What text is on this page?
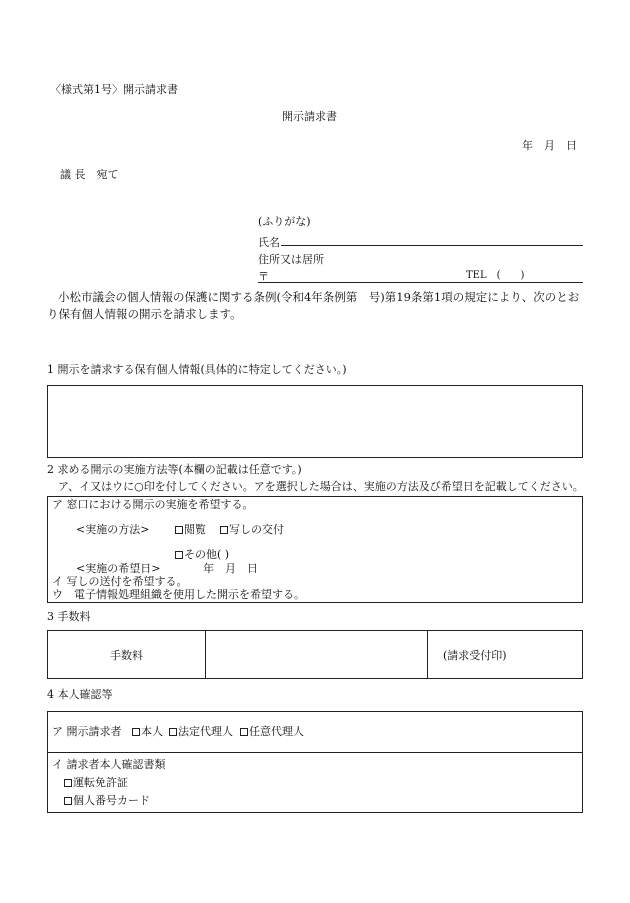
〈様式第1号〉開示請求書
開示請求書
年　月　日
議 長　宛て
(ふりがな)
氏名
住所又は居所
〒	TEL　(　　)
小松市議会の個人情報の保護に関する条例(令和4年条例第　号)第19条第1項の規定により、次のとお
り保有個人情報の開示を請求します。
1 開示を請求する保有個人情報(具体的に特定してください。)
2 求める開示の実施方法等(本欄の記載は任意です。)
ア、イ又はウに○印を付してください。アを選択した場合は、実施の方法及び希望日を記載してください。
ア 窓口における開示の実施を希望する。
<実施の方法>	閲覧	写しの交付
その他( )
<実施の希望日>	年　月　日
イ 写しの送付を希望する。
ウ　電子情報処理組織を使用した開示を希望する。
3 手数料
手数料	(請求受付印)
4 本人確認等
ア 開示請求者	本人	法定代理人	任意代理人
イ 請求者本人確認書類
運転免許証
個人番号カード
